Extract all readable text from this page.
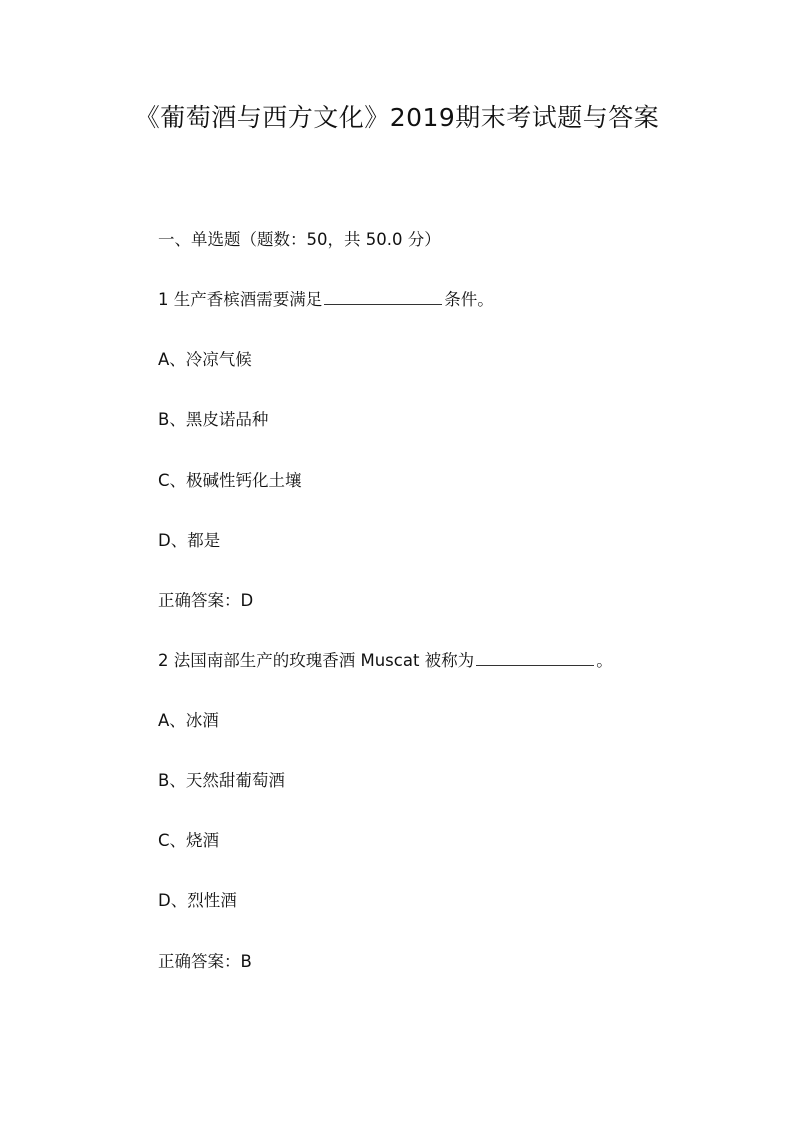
《葡萄酒与西方文化》2019期末考试题与答案
一、单选题（题数：50，共 50.0 分）
1 生产香槟酒需要满足	条件。
A、冷凉气候
B、黑皮诺品种
C、极碱性钙化土壤
D、都是
正确答案：D
2 法国南部生产的玫瑰香酒 Muscat 被称为	。
A、冰酒
B、天然甜葡萄酒
C、烧酒
D、烈性酒
正确答案：B
